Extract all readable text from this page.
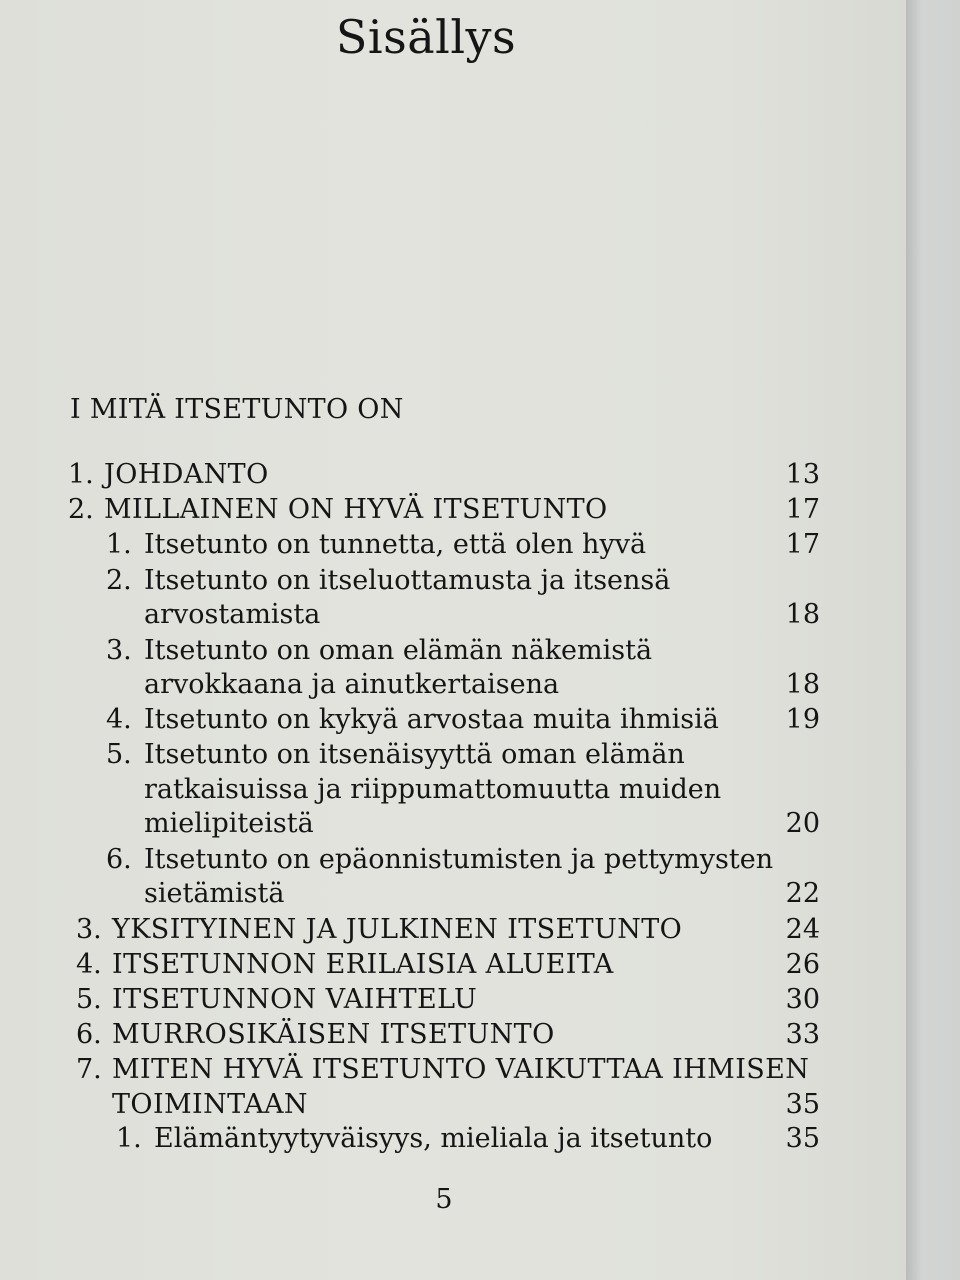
Sisällys
I MITÄ ITSETUNTO ON
1. JOHDANTO	13
2. MILLAINEN ON HYVÄ ITSETUNTO	17
1. Itsetunto on tunnetta, että olen hyvä	17
2. Itsetunto on itseluottamusta ja itsensä
arvostamista	18
3. Itsetunto on oman elämän näkemistä
arvokkaana ja ainutkertaisena	18
4. Itsetunto on kykyä arvostaa muita ihmisiä	19
5. Itsetunto on itsenäisyyttä oman elämän
ratkaisuissa ja riippumattomuutta muiden
mielipiteistä	20
6. Itsetunto on epäonnistumisten ja pettymysten
sietämistä	22
3. YKSITYINEN JA JULKINEN ITSETUNTO	24
4. ITSETUNNON ERILAISIA ALUEITA	26
5. ITSETUNNON VAIHTELU	30
6. MURROSIKÄISEN ITSETUNTO	33
7. MITEN HYVÄ ITSETUNTO VAIKUTTAA IHMISEN
TOIMINTAAN	35
1. Elämäntyytyväisyys, mieliala ja itsetunto	35
5
